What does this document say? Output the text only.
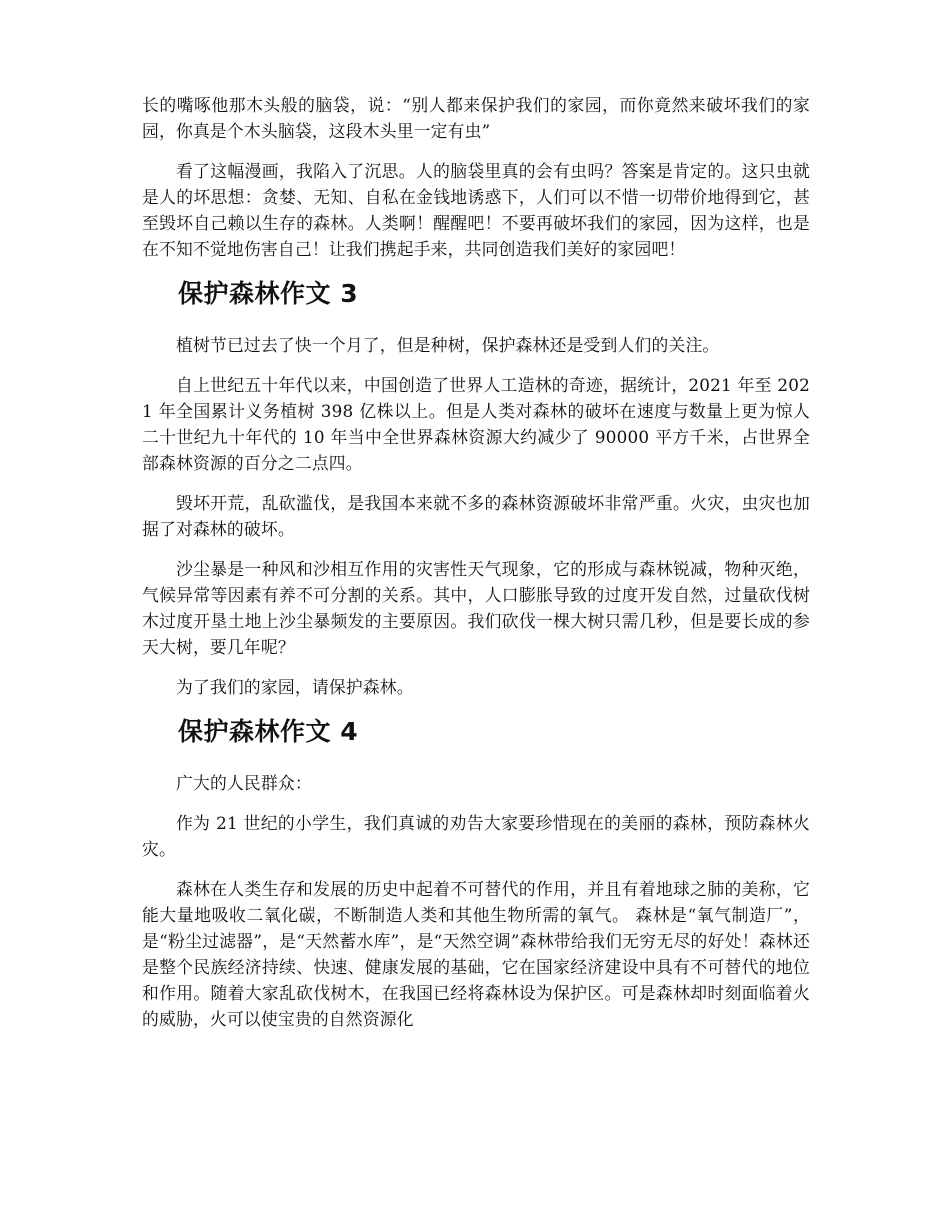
长的嘴啄他那木头般的脑袋，说：“别人都来保护我们的家园，而你竟然来破坏我们的家园，你真是个木头脑袋，这段木头里一定有虫”

看了这幅漫画，我陷入了沉思。人的脑袋里真的会有虫吗？答案是肯定的。这只虫就是人的坏思想：贪婪、无知、自私在金钱地诱惑下，人们可以不惜一切带价地得到它，甚至毁坏自己赖以生存的森林。人类啊！醒醒吧！不要再破坏我们的家园，因为这样，也是在不知不觉地伤害自己！让我们携起手来，共同创造我们美好的家园吧！

保护森林作文 3

植树节已过去了快一个月了，但是种树，保护森林还是受到人们的关注。

自上世纪五十年代以来，中国创造了世界人工造林的奇迹，据统计，2021 年至 2021 年全国累计义务植树 398 亿株以上。但是人类对森林的破坏在速度与数量上更为惊人二十世纪九十年代的 10 年当中全世界森林资源大约减少了 90000 平方千米，占世界全部森林资源的百分之二点四。

毁坏开荒，乱砍滥伐，是我国本来就不多的森林资源破坏非常严重。火灾，虫灾也加据了对森林的破坏。

沙尘暴是一种风和沙相互作用的灾害性天气现象，它的形成与森林锐减，物种灭绝，气候异常等因素有养不可分割的关系。其中，人口膨胀导致的过度开发自然，过量砍伐树木过度开垦土地上沙尘暴频发的主要原因。我们砍伐一棵大树只需几秒，但是要长成的参天大树，要几年呢？

为了我们的家园，请保护森林。

保护森林作文 4

广大的人民群众：

作为 21 世纪的小学生，我们真诚的劝告大家要珍惜现在的美丽的森林，预防森林火灾。

森林在人类生存和发展的历史中起着不可替代的作用，并且有着地球之肺的美称，它能大量地吸收二氧化碳，不断制造人类和其他生物所需的氧气。 森林是“氧气制造厂”，是“粉尘过滤器”，是“天然蓄水库”，是“天然空调”森林带给我们无穷无尽的好处！森林还是整个民族经济持续、快速、健康发展的基础，它在国家经济建设中具有不可替代的地位和作用。随着大家乱砍伐树木，在我国已经将森林设为保护区。可是森林却时刻面临着火的威胁，火可以使宝贵的自然资源化
